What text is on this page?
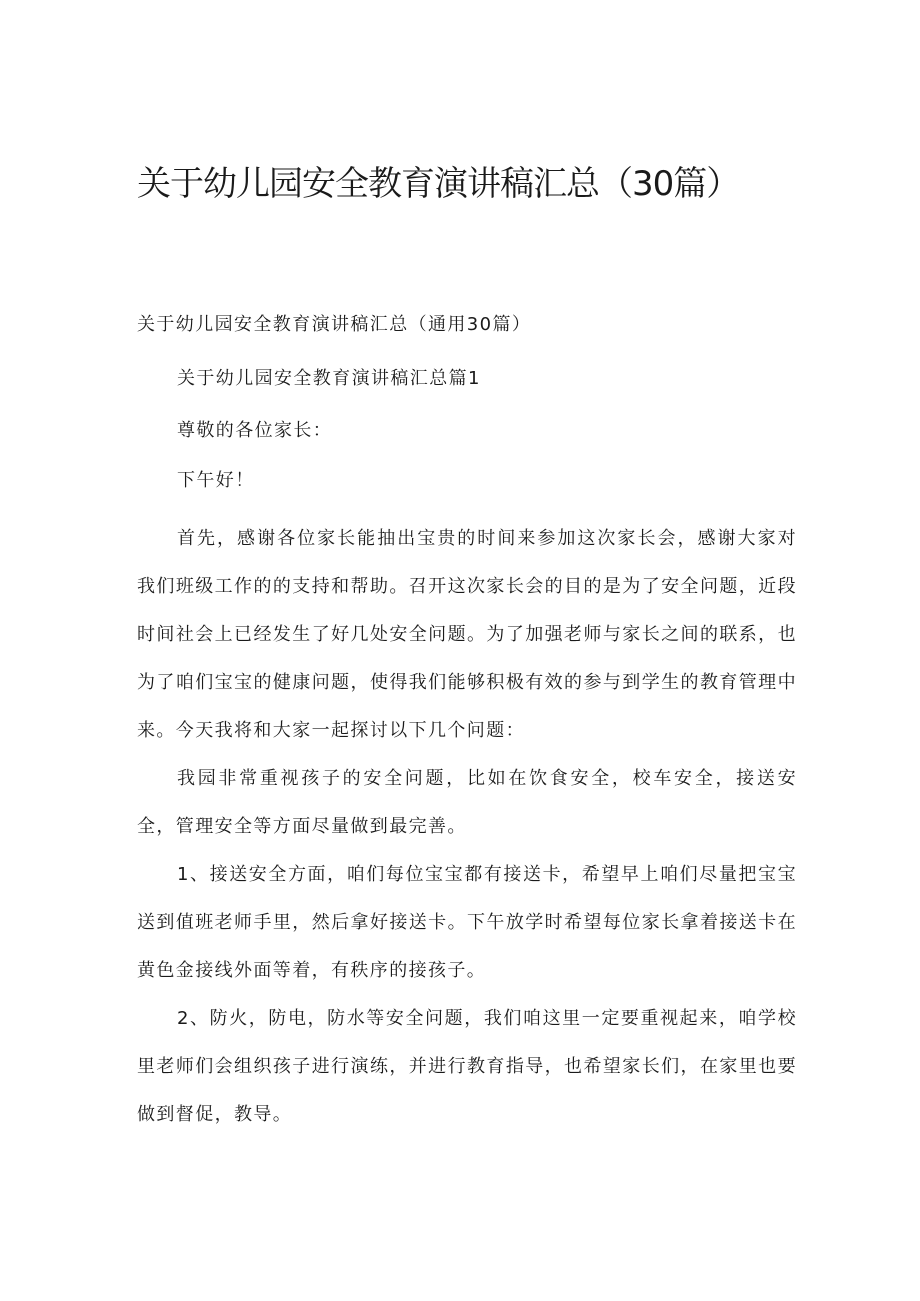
关于幼儿园安全教育演讲稿汇总（30篇）

关于幼儿园安全教育演讲稿汇总（通用30篇）

关于幼儿园安全教育演讲稿汇总篇1

尊敬的各位家长：

下午好！

首先，感谢各位家长能抽出宝贵的时间来参加这次家长会，感谢大家对我们班级工作的的支持和帮助。召开这次家长会的目的是为了安全问题，近段时间社会上已经发生了好几处安全问题。为了加强老师与家长之间的联系，也为了咱们宝宝的健康问题，使得我们能够积极有效的参与到学生的教育管理中来。今天我将和大家一起探讨以下几个问题：

我园非常重视孩子的安全问题，比如在饮食安全，校车安全，接送安全，管理安全等方面尽量做到最完善。

1、接送安全方面，咱们每位宝宝都有接送卡，希望早上咱们尽量把宝宝送到值班老师手里，然后拿好接送卡。下午放学时希望每位家长拿着接送卡在黄色金接线外面等着，有秩序的接孩子。

2、防火，防电，防水等安全问题，我们咱这里一定要重视起来，咱学校里老师们会组织孩子进行演练，并进行教育指导，也希望家长们，在家里也要做到督促，教导。
